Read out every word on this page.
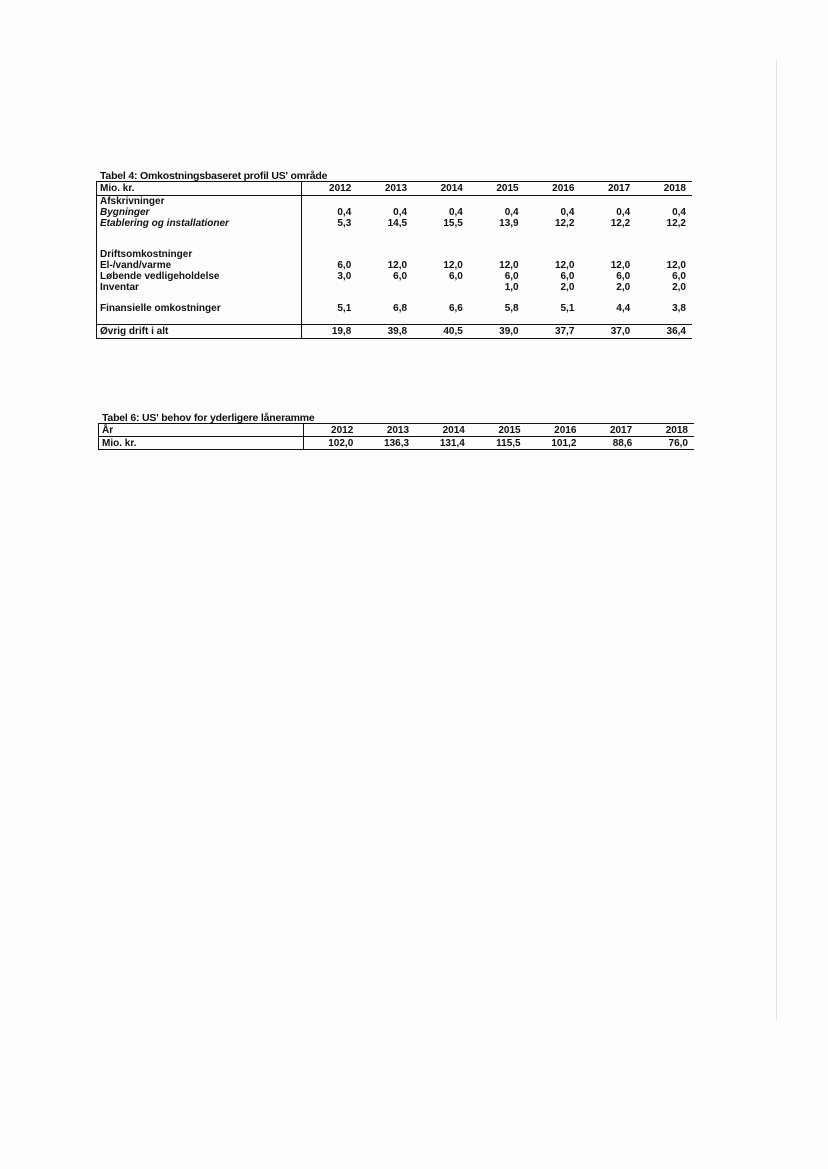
Tabel 4: Omkostningsbaseret profil US' område
Mio. kr.	2012	2013	2014	2015	2016	2017	2018
Afskrivninger							
Bygninger	0,4	0,4	0,4	0,4	0,4	0,4	0,4
Etablering og installationer	5,3	14,5	15,5	13,9	12,2	12,2	12,2

Driftsomkostninger							
El-/vand/varme	6,0	12,0	12,0	12,0	12,0	12,0	12,0
Løbende vedligeholdelse	3,0	6,0	6,0	6,0	6,0	6,0	6,0
Inventar				1,0	2,0	2,0	2,0

Finansielle omkostninger	5,1	6,8	6,6	5,8	5,1	4,4	3,8

Øvrig drift i alt	19,8	39,8	40,5	39,0	37,7	37,0	36,4
Tabel 6: US' behov for yderligere låneramme
År	2012	2013	2014	2015	2016	2017	2018
Mio. kr.	102,0	136,3	131,4	115,5	101,2	88,6	76,0
